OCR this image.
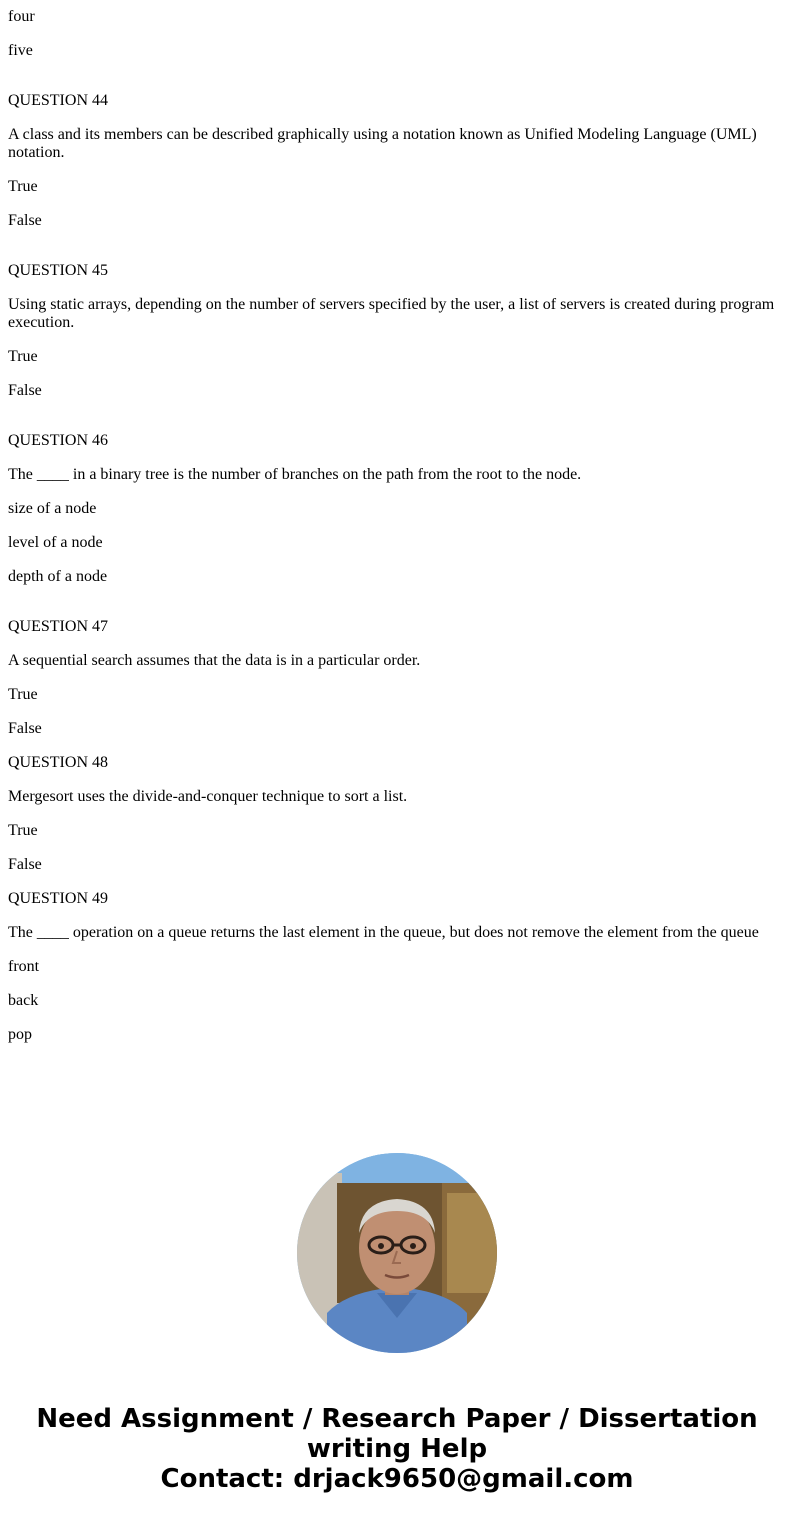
four
five
QUESTION 44
A class and its members can be described graphically using a notation known as Unified Modeling Language (UML) notation.
True
False
QUESTION 45
Using static arrays, depending on the number of servers specified by the user, a list of servers is created during program execution.
True
False
QUESTION 46
The ____ in a binary tree is the number of branches on the path from the root to the node.
size of a node
level of a node
depth of a node
QUESTION 47
A sequential search assumes that the data is in a particular order.
True
False
QUESTION 48
Mergesort uses the divide-and-conquer technique to sort a list.
True
False
QUESTION 49
The ____ operation on a queue returns the last element in the queue, but does not remove the element from the queue
front
back
pop
Need Assignment / Research Paper / Dissertation
writing Help
Contact: drjack9650@gmail.com
